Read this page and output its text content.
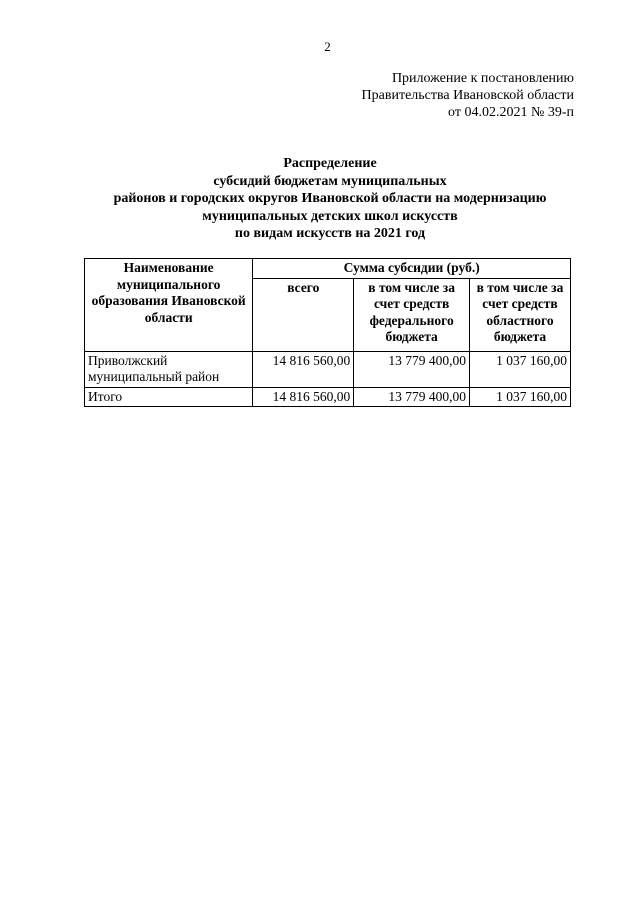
2
Приложение к постановлению
Правительства Ивановской области
от 04.02.2021 № 39-п
Распределение
субсидий бюджетам муниципальных
районов и городских округов Ивановской области на модернизацию
муниципальных детских школ искусств
по видам искусств на 2021 год
Наименование муниципального образования Ивановской области	Сумма субсидии (руб.)		
	всего	в том числе за счет средств федерального бюджета	в том числе за счет средств областного бюджета
Приволжский муниципальный район	14 816 560,00	13 779 400,00	1 037 160,00
Итого	14 816 560,00	13 779 400,00	1 037 160,00
